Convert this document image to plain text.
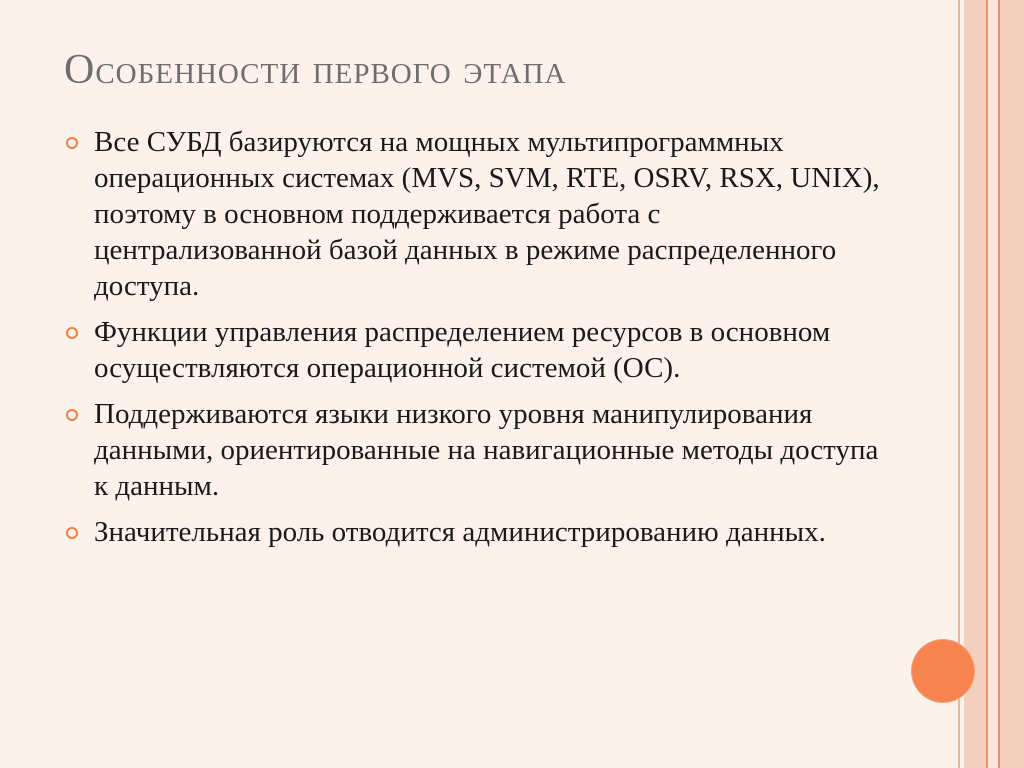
Особенности первого этапа
Все СУБД базируются на мощных мультипрограммных операционных системах (MVS, SVM, RTE, OSRV, RSX, UNIX), поэтому в основном поддерживается работа с централизованной базой данных в режиме распределенного доступа.
Функции управления распределением ресурсов в основном осуществляются операционной системой (ОС).
Поддерживаются языки низкого уровня манипулирования данными, ориентированные на навигационные методы доступа к данным.
Значительная роль отводится администрированию данных.
